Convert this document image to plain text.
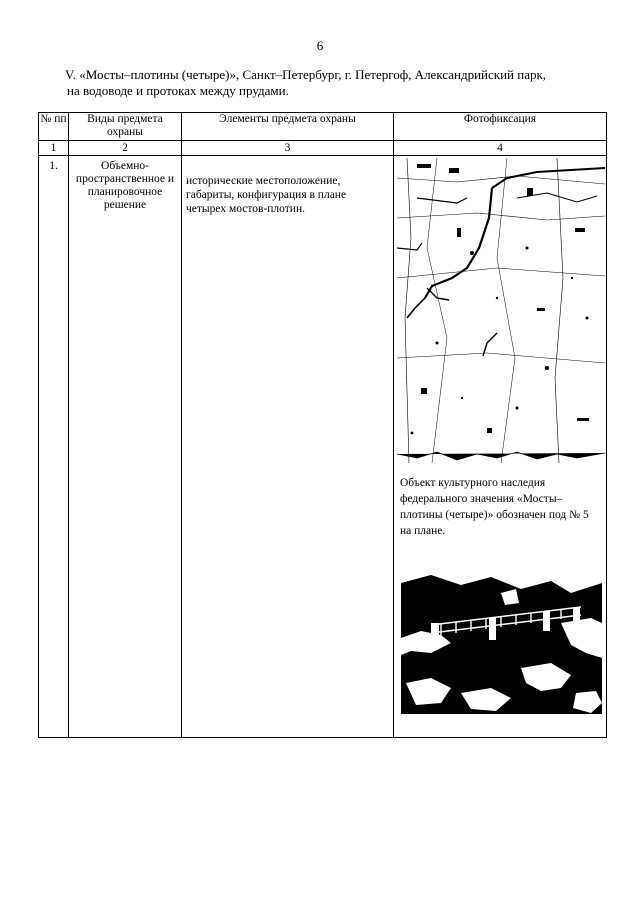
6
V. «Мосты–плотины (четыре)», Санкт–Петербург, г. Петергоф, Александрийский парк,
на водоводе и протоках между прудами.
№ пп	Виды предмета охраны	Элементы предмета охраны	Фотофиксация
1	2	3	4
1.	Объемно-пространственное и планировочное решение	исторические местоположение, габариты, конфигурация в плане четырех мостов-плотин.	Объект культурного наследия федерального значения «Мосты–плотины (четыре)» обозначен под № 5 на плане.
